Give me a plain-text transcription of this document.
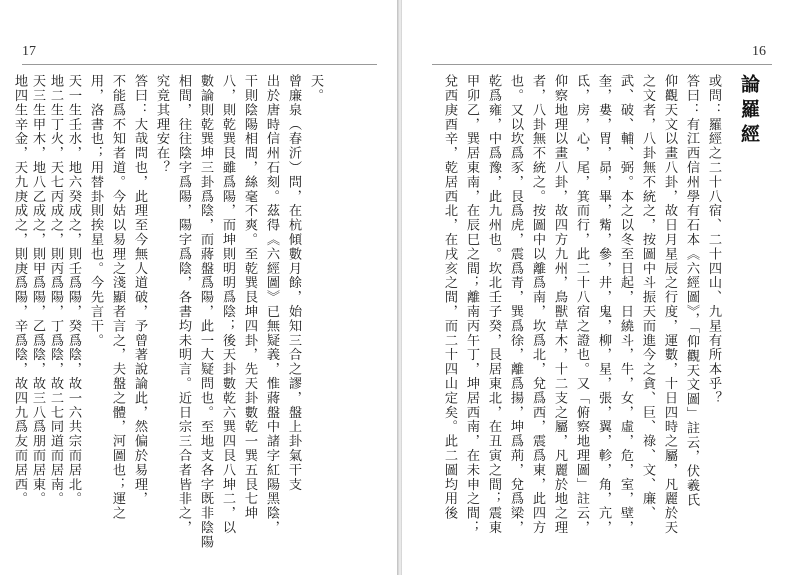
17
天。
曾廉泉（春沂）問，在杭傾數月餘，始知三合之謬，盤上卦氣干支
出於唐時信州石刻。茲得《六經圖》已無疑義，惟蔣盤中諸字紅陽黑陰，
干則陰陽相間，絲毫不爽。至乾巽艮坤四卦，先天卦數乾一巽五艮七坤
八，則乾巽艮雖爲陽，而坤則明明爲陰；後天卦數乾六巽四艮八坤二，以
數論則乾巽坤三卦爲陰，而蔣盤爲陽，此一大疑問也。至地支各字既非陰陽
相間，往往陰字爲陽，陽字爲陰，各書均未明言。近日宗三合者皆非之，
究竟其理安在？
答曰：大哉問也，此理至今無人道破，予曾著說論此，然偏於易理，
不能爲不知者道。今姑以易理之淺顯者言之，夫盤之體，河圖也；運之
用，洛書也；用替卦則挨星也。今先言干。
天一生壬水，地六癸成之，則壬爲陽，癸爲陰，故一六共宗而居北。
地二生丁火，天七丙成之，則丙爲陽，丁爲陰，故二七同道而居南。
天三生甲木，地八乙成之，則甲爲陽，乙爲陰，故三八爲朋而居東。
地四生辛金，天九庚成之，則庚爲陽，辛爲陰，故四九爲友而居西。
16
論羅經
或問：羅經之二十八宿、二十四山、九星有所本乎？
答曰：有江西信州學有石本《六經圖》，「仰觀天文圖」註云，伏羲氏
仰觀天文以畫八卦，故日月星辰之行度，運數，十日四時之屬，凡麗於天
之文者，八卦無不統之，按圖中斗振天而進今之貪、巨、祿、文、廉、
武、破、輔、弼。本之以冬至日起，日繞斗，牛，女，虛，危，室，壁，
奎，婁，胃，昴，畢，觜，參，井，鬼，柳，星，張，翼，軫，角，亢，
氐，房，心，尾，箕而行，此二十八宿之證也。又「俯察地理圖」註云，
仰察地理以畫八卦，故四方九州，鳥獸草木，十二支之屬，凡麗於地之理
者，八卦無不統之。按圖中以離爲南，坎爲北，兌爲西，震爲東，此四方
也。又以坎爲豕，艮爲虎，震爲青，巽爲徐，離爲揚，坤爲荊，兌爲梁，
乾爲雍，中爲豫，此九州也。坎北壬子癸，艮居東北，在丑寅之間；震東
甲卯乙，巽居東南，在辰巳之間；離南丙午丁，坤居西南，在未申之間；
兌西庚酉辛，乾居西北，在戌亥之間，而二十四山定矣。此二圖均用後
